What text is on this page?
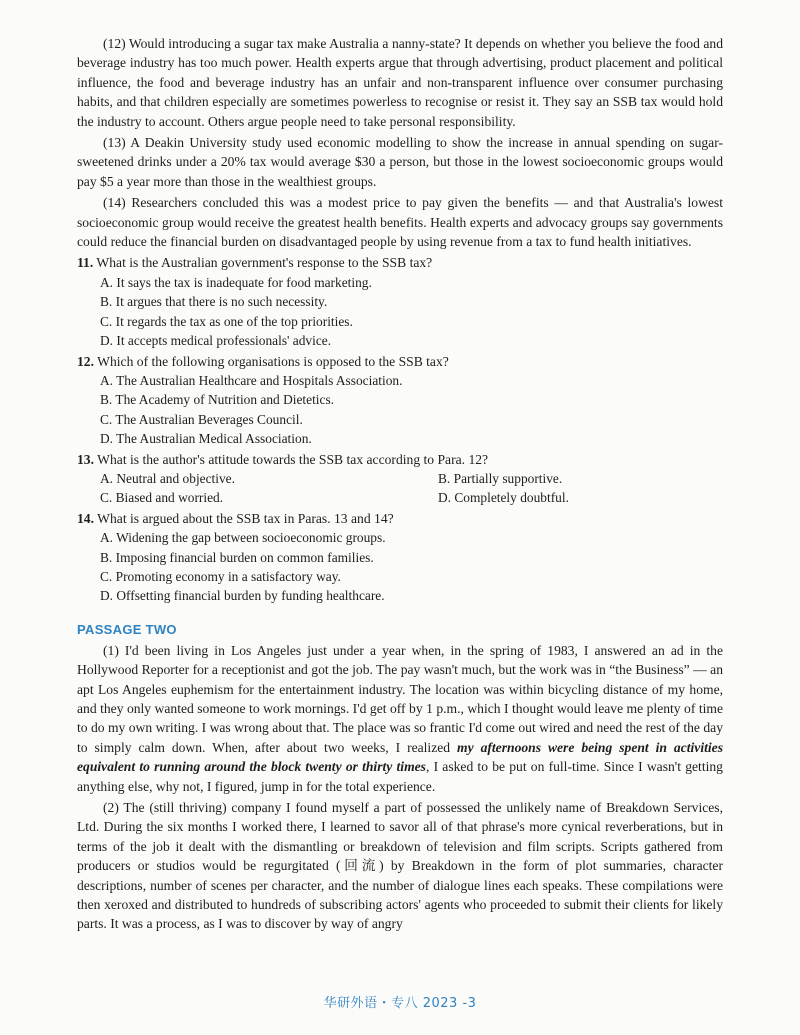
(12) Would introducing a sugar tax make Australia a nanny-state? It depends on whether you believe the food and beverage industry has too much power. Health experts argue that through advertising, product placement and political influence, the food and beverage industry has an unfair and non-transparent influence over consumer purchasing habits, and that children especially are sometimes powerless to recognise or resist it. They say an SSB tax would hold the industry to account. Others argue people need to take personal responsibility.

(13) A Deakin University study used economic modelling to show the increase in annual spending on sugar-sweetened drinks under a 20% tax would average $30 a person, but those in the lowest socioeconomic groups would pay $5 a year more than those in the wealthiest groups.

(14) Researchers concluded this was a modest price to pay given the benefits — and that Australia's lowest socioeconomic group would receive the greatest health benefits. Health experts and advocacy groups say governments could reduce the financial burden on disadvantaged people by using revenue from a tax to fund health initiatives.

11. What is the Australian government's response to the SSB tax?
A. It says the tax is inadequate for food marketing.
B. It argues that there is no such necessity.
C. It regards the tax as one of the top priorities.
D. It accepts medical professionals' advice.
12. Which of the following organisations is opposed to the SSB tax?
A. The Australian Healthcare and Hospitals Association.
B. The Academy of Nutrition and Dietetics.
C. The Australian Beverages Council.
D. The Australian Medical Association.
13. What is the author's attitude towards the SSB tax according to Para. 12?
A. Neutral and objective.	B. Partially supportive.
C. Biased and worried.	D. Completely doubtful.
14. What is argued about the SSB tax in Paras. 13 and 14?
A. Widening the gap between socioeconomic groups.
B. Imposing financial burden on common families.
C. Promoting economy in a satisfactory way.
D. Offsetting financial burden by funding healthcare.
PASSAGE TWO

(1) I'd been living in Los Angeles just under a year when, in the spring of 1983, I answered an ad in the Hollywood Reporter for a receptionist and got the job. The pay wasn't much, but the work was in “the Business” — an apt Los Angeles euphemism for the entertainment industry. The location was within bicycling distance of my home, and they only wanted someone to work mornings. I'd get off by 1 p.m., which I thought would leave me plenty of time to do my own writing. I was wrong about that. The place was so frantic I'd come out wired and need the rest of the day to simply calm down. When, after about two weeks, I realized my afternoons were being spent in activities equivalent to running around the block twenty or thirty times, I asked to be put on full-time. Since I wasn't getting anything else, why not, I figured, jump in for the total experience.

(2) The (still thriving) company I found myself a part of possessed the unlikely name of Breakdown Services, Ltd. During the six months I worked there, I learned to savor all of that phrase's more cynical reverberations, but in terms of the job it dealt with the dismantling or breakdown of television and film scripts. Scripts gathered from producers or studios would be regurgitated (回流) by Breakdown in the form of plot summaries, character descriptions, number of scenes per character, and the number of dialogue lines each speaks. These compilations were then xeroxed and distributed to hundreds of subscribing actors' agents who proceeded to submit their clients for likely parts. It was a process, as I was to discover by way of angry

华研外语・专八 2023 -3
